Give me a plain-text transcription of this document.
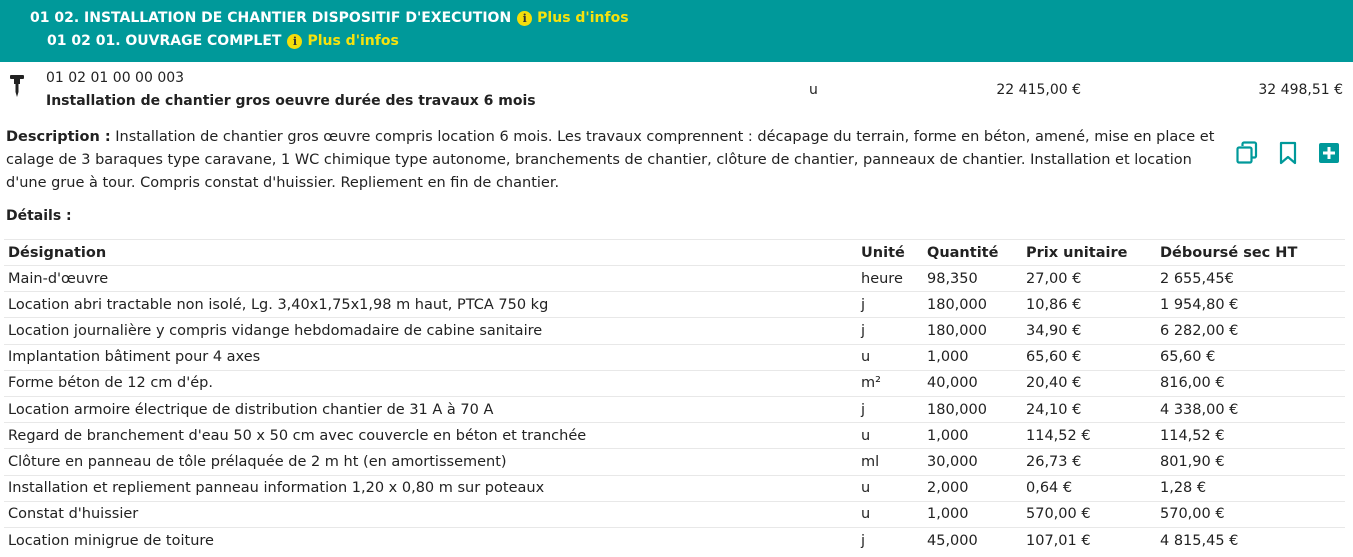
01 02. INSTALLATION DE CHANTIER DISPOSITIF D'EXECUTION	i Plus d'infos
01 02 01. OUVRAGE COMPLET	i Plus d'infos
01 02 01 00 00 003
Installation de chantier gros oeuvre durée des travaux 6 mois
u	22 415,00 €	32 498,51 €
Description : Installation de chantier gros œuvre compris location 6 mois. Les travaux comprennent : décapage du terrain, forme en béton, amené, mise en place et calage de 3 baraques type caravane, 1 WC chimique type autonome, branchements de chantier, clôture de chantier, panneaux de chantier. Installation et location d'une grue à tour. Compris constat d'huissier. Repliement en fin de chantier.
Détails :
Désignation	Unité	Quantité	Prix unitaire	Déboursé sec HT
Main-d'œuvre	heure	98,350	27,00 €	2 655,45€
Location abri tractable non isolé, Lg. 3,40x1,75x1,98 m haut, PTCA 750 kg	j	180,000	10,86 €	1 954,80 €
Location journalière y compris vidange hebdomadaire de cabine sanitaire	j	180,000	34,90 €	6 282,00 €
Implantation bâtiment pour 4 axes	u	1,000	65,60 €	65,60 €
Forme béton de 12 cm d'ép.	m²	40,000	20,40 €	816,00 €
Location armoire électrique de distribution chantier de 31 A à 70 A	j	180,000	24,10 €	4 338,00 €
Regard de branchement d'eau 50 x 50 cm avec couvercle en béton et tranchée	u	1,000	114,52 €	114,52 €
Clôture en panneau de tôle prélaquée de 2 m ht (en amortissement)	ml	30,000	26,73 €	801,90 €
Installation et repliement panneau information 1,20 x 0,80 m sur poteaux	u	2,000	0,64 €	1,28 €
Constat d'huissier	u	1,000	570,00 €	570,00 €
Location minigrue de toiture	j	45,000	107,01 €	4 815,45 €
